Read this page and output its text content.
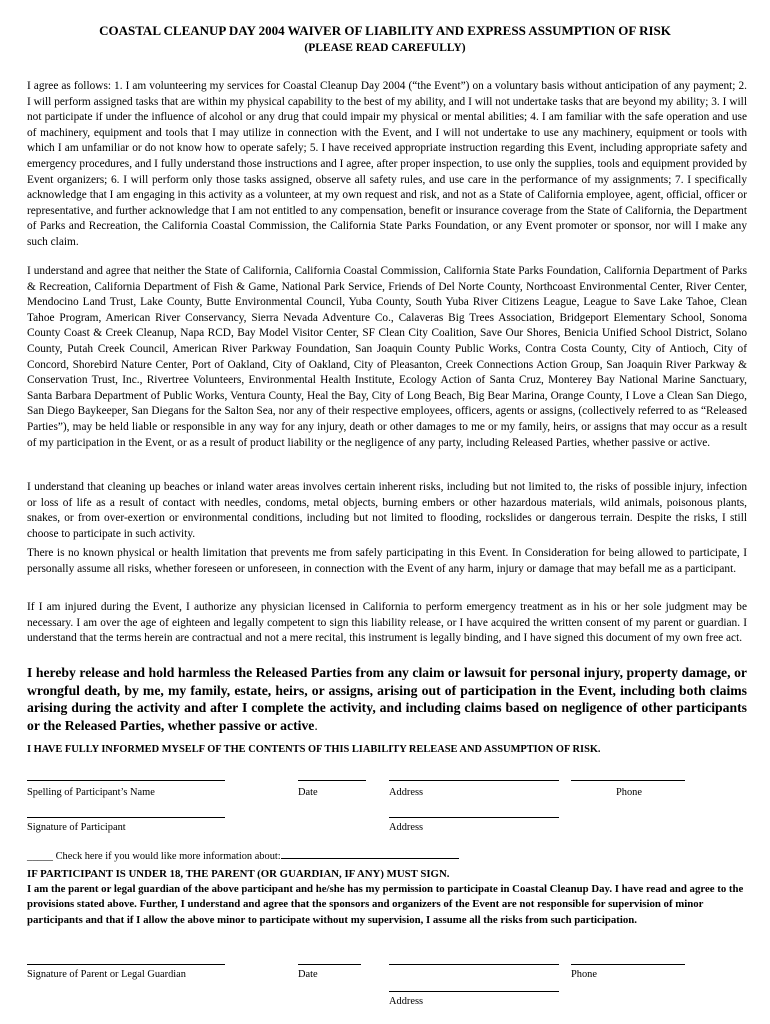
COASTAL CLEANUP DAY 2004 WAIVER OF LIABILITY AND EXPRESS ASSUMPTION OF RISK
(PLEASE READ CAREFULLY)

I agree as follows: 1. I am volunteering my services for Coastal Cleanup Day 2004 (“the Event”) on a voluntary basis without anticipation of any payment; 2. I will perform assigned tasks that are within my physical capability to the best of my ability, and I will not undertake tasks that are beyond my ability; 3. I will not participate if under the influence of alcohol or any drug that could impair my physical or mental abilities; 4. I am familiar with the safe operation and use of machinery, equipment and tools that I may utilize in connection with the Event, and I will not undertake to use any machinery, equipment or tools with which I am unfamiliar or do not know how to operate safely; 5. I have received appropriate instruction regarding this Event, including appropriate safety and emergency procedures, and I fully understand those instructions and I agree, after proper inspection, to use only the supplies, tools and equipment provided by Event organizers; 6. I will perform only those tasks assigned, observe all safety rules, and use care in the performance of my assignments; 7. I specifically acknowledge that I am engaging in this activity as a volunteer, at my own request and risk, and not as a State of California employee, agent, official, officer or representative, and further acknowledge that I am not entitled to any compensation, benefit or insurance coverage from the State of California, the Department of Parks and Recreation, the California Coastal Commission, the California State Parks Foundation, or any Event promoter or sponsor, nor will I make any such claim.

I understand and agree that neither the State of California, California Coastal Commission, California State Parks Foundation, California Department of Parks & Recreation, California Department of Fish & Game, National Park Service, Friends of Del Norte County, Northcoast Environmental Center, River Center, Mendocino Land Trust, Lake County, Butte Environmental Council, Yuba County, South Yuba River Citizens League, League to Save Lake Tahoe, Clean Tahoe Program, American River Conservancy, Sierra Nevada Adventure Co., Calaveras Big Trees Association, Bridgeport Elementary School, Sonoma County Coast & Creek Cleanup, Napa RCD, Bay Model Visitor Center, SF Clean City Coalition, Save Our Shores, Benicia Unified School District, Solano County, Putah Creek Council, American River Parkway Foundation, San Joaquin County Public Works, Contra Costa County, City of Antioch, City of Concord, Shorebird Nature Center, Port of Oakland, City of Oakland, City of Pleasanton, Creek Connections Action Group, San Joaquin River Parkway & Conservation Trust, Inc., Rivertree Volunteers, Environmental Health Institute, Ecology Action of Santa Cruz, Monterey Bay National Marine Sanctuary, Santa Barbara Department of Public Works, Ventura County, Heal the Bay, City of Long Beach, Big Bear Marina, Orange County, I Love a Clean San Diego, San Diego Baykeeper, San Diegans for the Salton Sea, nor any of their respective employees, officers, agents or assigns, (collectively referred to as “Released Parties”), may be held liable or responsible in any way for any injury, death or other damages to me or my family, heirs, or assigns that may occur as a result of my participation in the Event, or as a result of product liability or the negligence of any party, including Released Parties, whether passive or active.

I understand that cleaning up beaches or inland water areas involves certain inherent risks, including but not limited to, the risks of possible injury, infection or loss of life as a result of contact with needles, condoms, metal objects, burning embers or other hazardous materials, wild animals, poisonous plants, snakes, or from over-exertion or environmental conditions, including but not limited to flooding, rockslides or dangerous terrain. Despite the risks, I still choose to participate in such activity.

There is no known physical or health limitation that prevents me from safely participating in this Event. In Consideration for being allowed to participate, I personally assume all risks, whether foreseen or unforeseen, in connection with the Event of any harm, injury or damage that may befall me as a participant.

If I am injured during the Event, I authorize any physician licensed in California to perform emergency treatment as in his or her sole judgment may be necessary. I am over the age of eighteen and legally competent to sign this liability release, or I have acquired the written consent of my parent or guardian. I understand that the terms herein are contractual and not a mere recital, this instrument is legally binding, and I have signed this document of my own free act.

I hereby release and hold harmless the Released Parties from any claim or lawsuit for personal injury, property damage, or wrongful death, by me, my family, estate, heirs, or assigns, arising out of participation in the Event, including both claims arising during the activity and after I complete the activity, and including claims based on negligence of other participants or the Released Parties, whether passive or active.

I HAVE FULLY INFORMED MYSELF OF THE CONTENTS OF THIS LIABILITY RELEASE AND ASSUMPTION OF RISK.
Spelling of Participant’s Name	Date	Address	Phone
Signature of Participant	Address
_____ Check here if you would like more information about:
IF PARTICIPANT IS UNDER 18, THE PARENT (OR GUARDIAN, IF ANY) MUST SIGN.
I am the parent or legal guardian of the above participant and he/she has my permission to participate in Coastal Cleanup Day. I have read and agree to the provisions stated above. Further, I understand and agree that the sponsors and organizers of the Event are not responsible for supervision of minor participants and that if I allow the above minor to participate without my supervision, I assume all the risks from such participation.
Signature of Parent or Legal Guardian	Date	Phone
Address
